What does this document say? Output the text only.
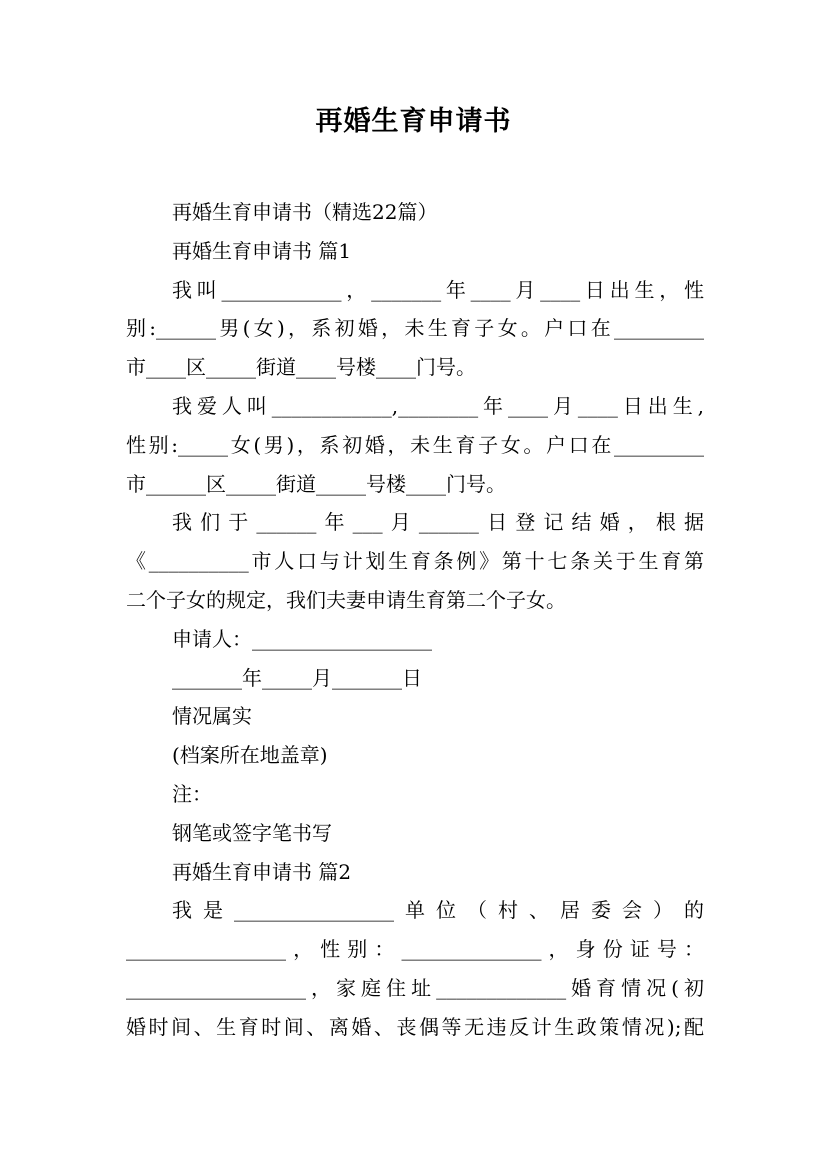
再婚生育申请书

再婚生育申请书（精选22篇）

再婚生育申请书 篇1

我叫____________，_______年____月____日出生，性

别:______男(女)，系初婚，未生育子女。户口在_________

市____区_____街道____号楼____门号。

我爱人叫____________,________年____月____日出生,

性别:_____女(男)，系初婚，未生育子女。户口在_________

市______区_____街道_____号楼____门号。

我们于______年___月______日登记结婚，根据

《__________市人口与计划生育条例》第十七条关于生育第

二个子女的规定，我们夫妻申请生育第二个子女。

申请人：__________________

_______年_____月_______日

情况属实

(档案所在地盖章)

注：

钢笔或签字笔书写

再婚生育申请书 篇2

我是________________单位（村、居委会）的

________________，性别：______________，身份证号：

__________________，家庭住址_____________婚育情况(初

婚时间、生育时间、离婚、丧偶等无违反计生政策情况);配
